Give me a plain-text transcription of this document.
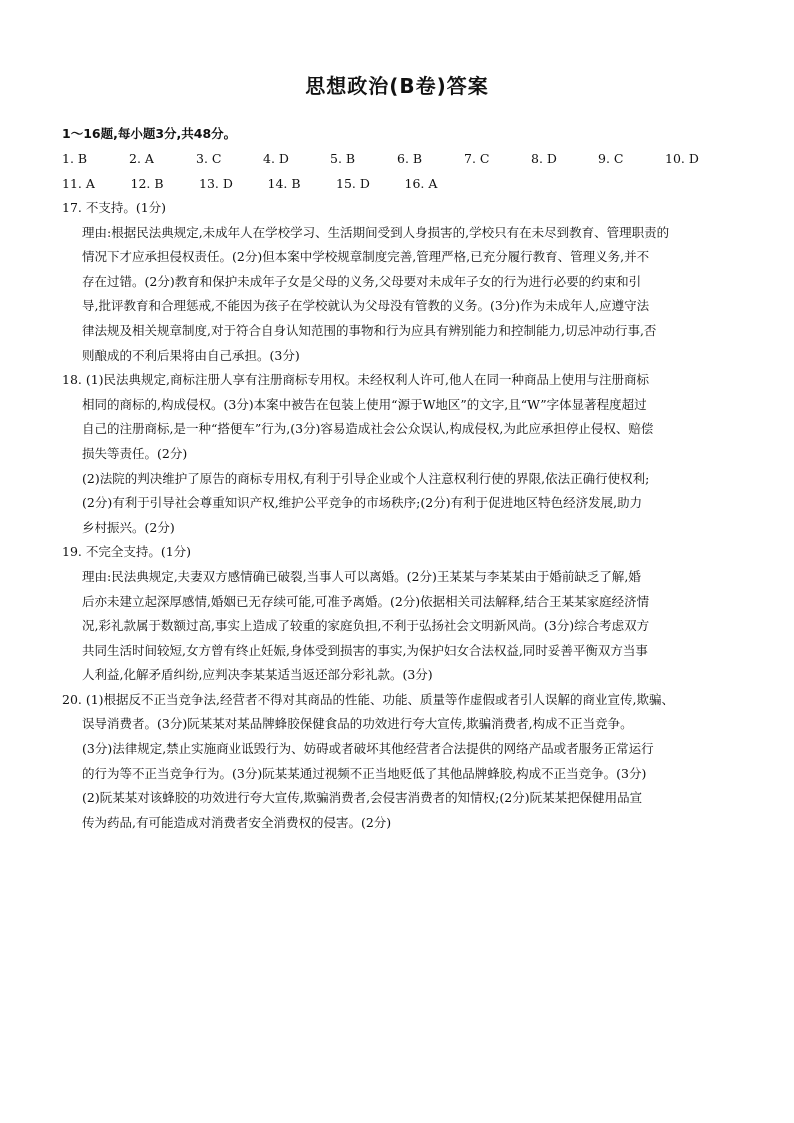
思想政治(B卷)答案
1～16题,每小题3分,共48分。
1. B	2. A	3. C	4. D	5. B	6. B	7. C	8. D	9. C	10. D
11. A	12. B	13. D	14. B	15. D	16. A
17. 不支持。(1分)
理由:根据民法典规定,未成年人在学校学习、生活期间受到人身损害的,学校只有在未尽到教育、管理职责的
情况下才应承担侵权责任。(2分)但本案中学校规章制度完善,管理严格,已充分履行教育、管理义务,并不
存在过错。(2分)教育和保护未成年子女是父母的义务,父母要对未成年子女的行为进行必要的约束和引
导,批评教育和合理惩戒,不能因为孩子在学校就认为父母没有管教的义务。(3分)作为未成年人,应遵守法
律法规及相关规章制度,对于符合自身认知范围的事物和行为应具有辨别能力和控制能力,切忌冲动行事,否
则酿成的不利后果将由自己承担。(3分)
18. (1)民法典规定,商标注册人享有注册商标专用权。未经权利人许可,他人在同一种商品上使用与注册商标
相同的商标的,构成侵权。(3分)本案中被告在包装上使用“源于W地区”的文字,且“W”字体显著程度超过
自己的注册商标,是一种“搭便车”行为,(3分)容易造成社会公众误认,构成侵权,为此应承担停止侵权、赔偿
损失等责任。(2分)
(2)法院的判决维护了原告的商标专用权,有利于引导企业或个人注意权利行使的界限,依法正确行使权利;
(2分)有利于引导社会尊重知识产权,维护公平竞争的市场秩序;(2分)有利于促进地区特色经济发展,助力
乡村振兴。(2分)
19. 不完全支持。(1分)
理由:民法典规定,夫妻双方感情确已破裂,当事人可以离婚。(2分)王某某与李某某由于婚前缺乏了解,婚
后亦未建立起深厚感情,婚姻已无存续可能,可准予离婚。(2分)依据相关司法解释,结合王某某家庭经济情
况,彩礼款属于数额过高,事实上造成了较重的家庭负担,不利于弘扬社会文明新风尚。(3分)综合考虑双方
共同生活时间较短,女方曾有终止妊娠,身体受到损害的事实,为保护妇女合法权益,同时妥善平衡双方当事
人利益,化解矛盾纠纷,应判决李某某适当返还部分彩礼款。(3分)
20. (1)根据反不正当竞争法,经营者不得对其商品的性能、功能、质量等作虚假或者引人误解的商业宣传,欺骗、
误导消费者。(3分)阮某某对某品牌蜂胶保健食品的功效进行夸大宣传,欺骗消费者,构成不正当竞争。
(3分)法律规定,禁止实施商业诋毁行为、妨碍或者破坏其他经营者合法提供的网络产品或者服务正常运行
的行为等不正当竞争行为。(3分)阮某某通过视频不正当地贬低了其他品牌蜂胶,构成不正当竞争。(3分)
(2)阮某某对该蜂胶的功效进行夸大宣传,欺骗消费者,会侵害消费者的知情权;(2分)阮某某把保健用品宣
传为药品,有可能造成对消费者安全消费权的侵害。(2分)
